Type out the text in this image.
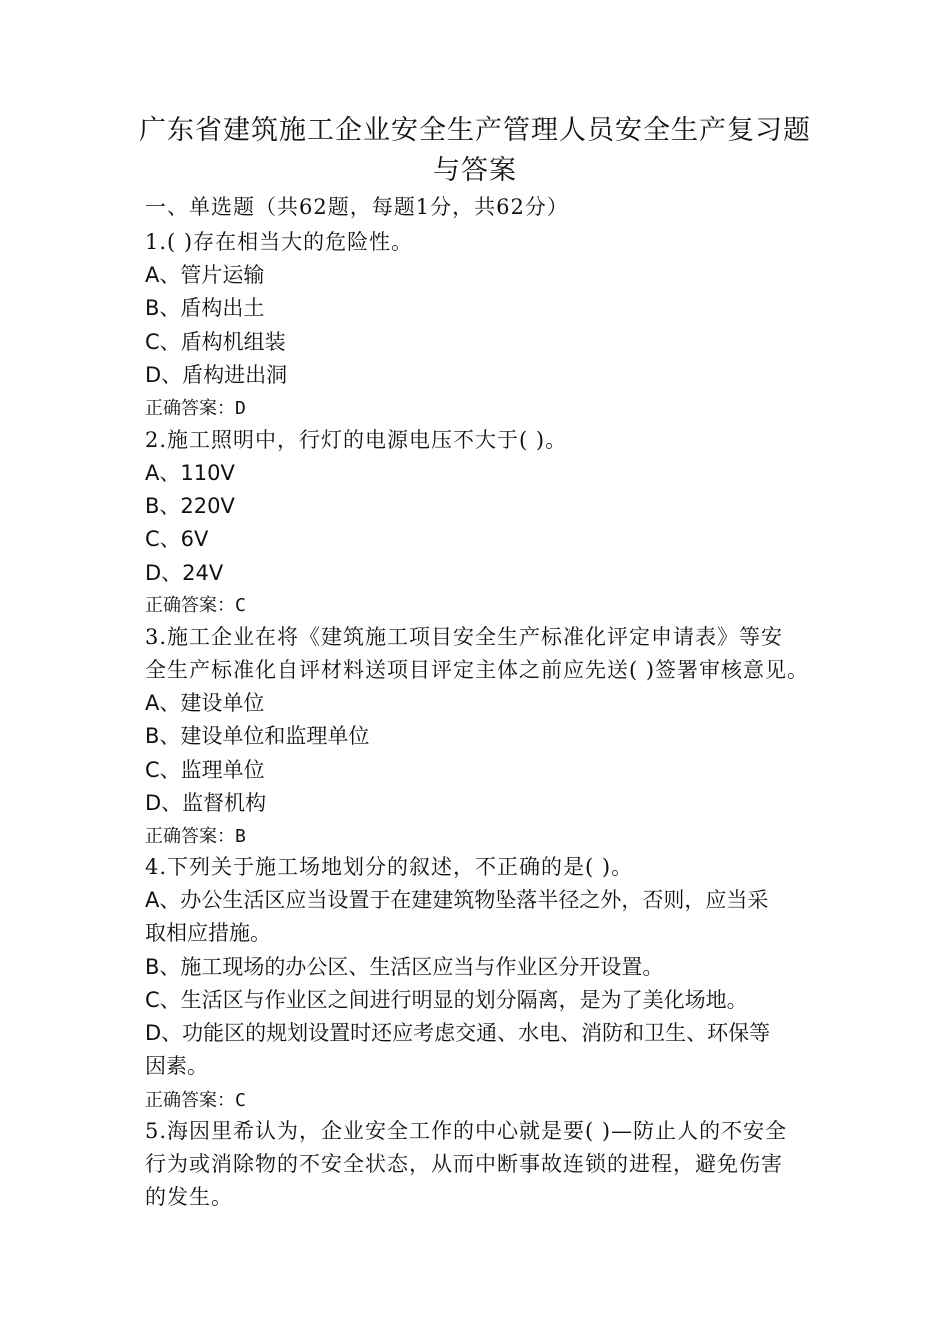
广东省建筑施工企业安全生产管理人员安全生产复习题
与答案
一、单选题（共62题，每题1分，共62分）
1.( )存在相当大的危险性。
A、管片运输
B、盾构出土
C、盾构机组装
D、盾构进出洞
正确答案：D
2.施工照明中，行灯的电源电压不大于( )。
A、110V
B、220V
C、6V
D、24V
正确答案：C
3.施工企业在将《建筑施工项目安全生产标准化评定申请表》等安
全生产标准化自评材料送项目评定主体之前应先送( )签署审核意见。
A、建设单位
B、建设单位和监理单位
C、监理单位
D、监督机构
正确答案：B
4.下列关于施工场地划分的叙述，不正确的是( )。
A、办公生活区应当设置于在建建筑物坠落半径之外，否则，应当采
取相应措施。
B、施工现场的办公区、生活区应当与作业区分开设置。
C、生活区与作业区之间进行明显的划分隔离，是为了美化场地。
D、功能区的规划设置时还应考虑交通、水电、消防和卫生、环保等
因素。
正确答案：C
5.海因里希认为，企业安全工作的中心就是要( )—防止人的不安全
行为或消除物的不安全状态，从而中断事故连锁的进程，避免伤害
的发生。
